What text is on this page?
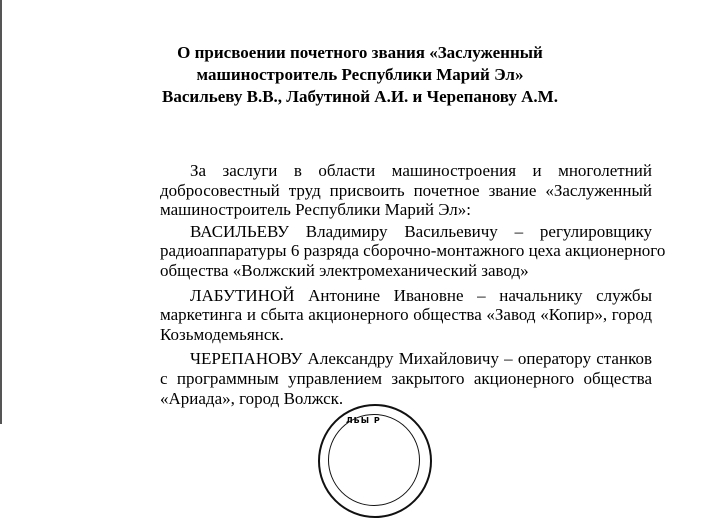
О присвоении почетного звания «Заслуженный
машиностроитель Республики Марий Эл»
Васильеву В.В., Лабутиной А.И. и Черепанову А.М.
За заслуги в области машиностроения и многолетний
добросовестный труд присвоить почетное звание «Заслуженный
машиностроитель Республики Марий Эл»:
ВАСИЛЬЕВУ Владимиру Васильевичу – регулировщику
радиоаппаратуры 6 разряда сборочно-монтажного цеха акционерного
общества «Волжский электромеханический завод»
ЛАБУТИНОЙ Антонине Ивановне – начальнику службы
маркетинга и сбыта акционерного общества «Завод «Копир», город
Козьмодемьянск.
ЧЕРЕПАНОВУ Александру Михайловичу – оператору станков
с программным управлением закрытого акционерного общества
«Ариада», город Волжск.
ЛЬЫ Р
